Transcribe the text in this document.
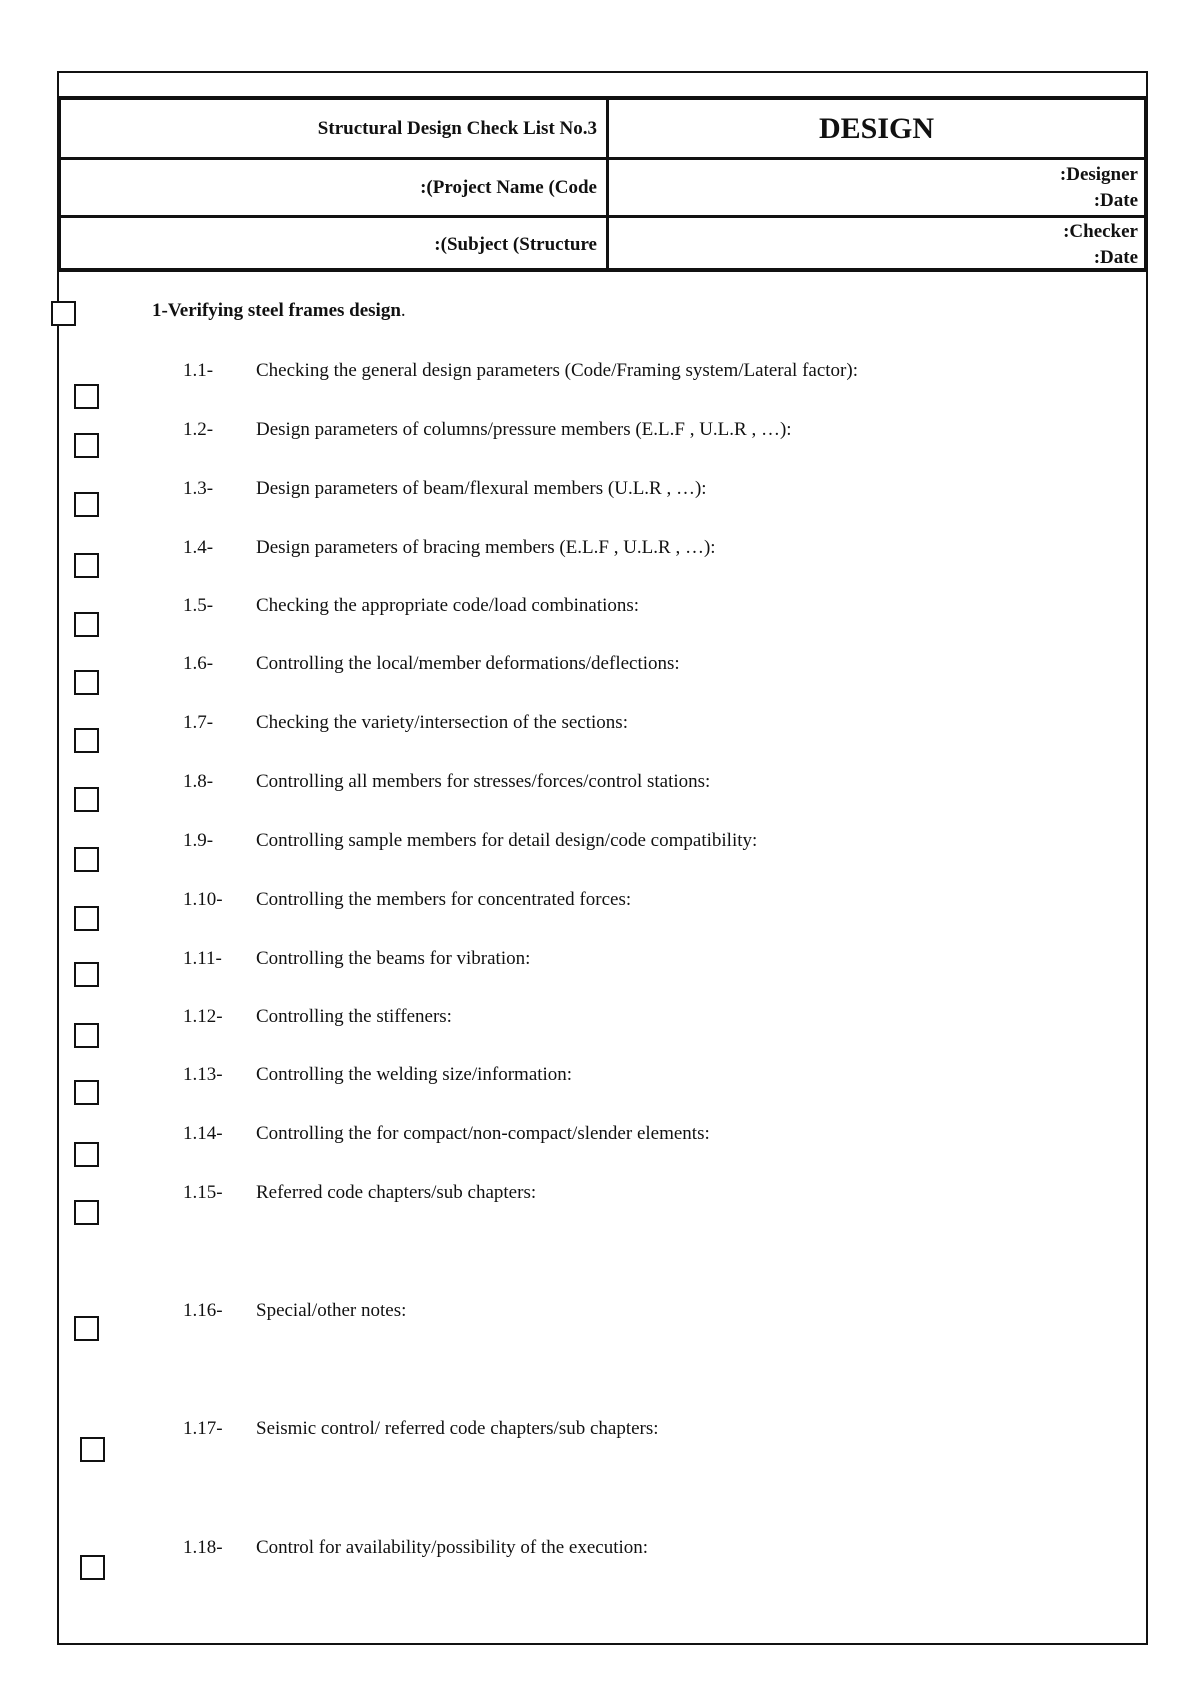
Structural Design Check List No.3	DESIGN
:(Project Name (Code
:Designer
:Date
:(Subject (Structure
:Checker
:Date
1-Verifying steel frames design.
1.1- Checking the general design parameters (Code/Framing system/Lateral factor):
1.2- Design parameters of columns/pressure members (E.L.F , U.L.R , …):
1.3- Design parameters of beam/flexural members (U.L.R , …):
1.4- Design parameters of bracing members (E.L.F , U.L.R , …):
1.5- Checking the appropriate code/load combinations:
1.6- Controlling the local/member deformations/deflections:
1.7- Checking the variety/intersection of the sections:
1.8- Controlling all members for stresses/forces/control stations:
1.9- Controlling sample members for detail design/code compatibility:
1.10- Controlling the members for concentrated forces:
1.11- Controlling the beams for vibration:
1.12- Controlling the stiffeners:
1.13- Controlling the welding size/information:
1.14- Controlling the for compact/non-compact/slender elements:
1.15- Referred code chapters/sub chapters:
1.16- Special/other notes:
1.17- Seismic control/ referred code chapters/sub chapters:
1.18- Control for availability/possibility of the execution:
